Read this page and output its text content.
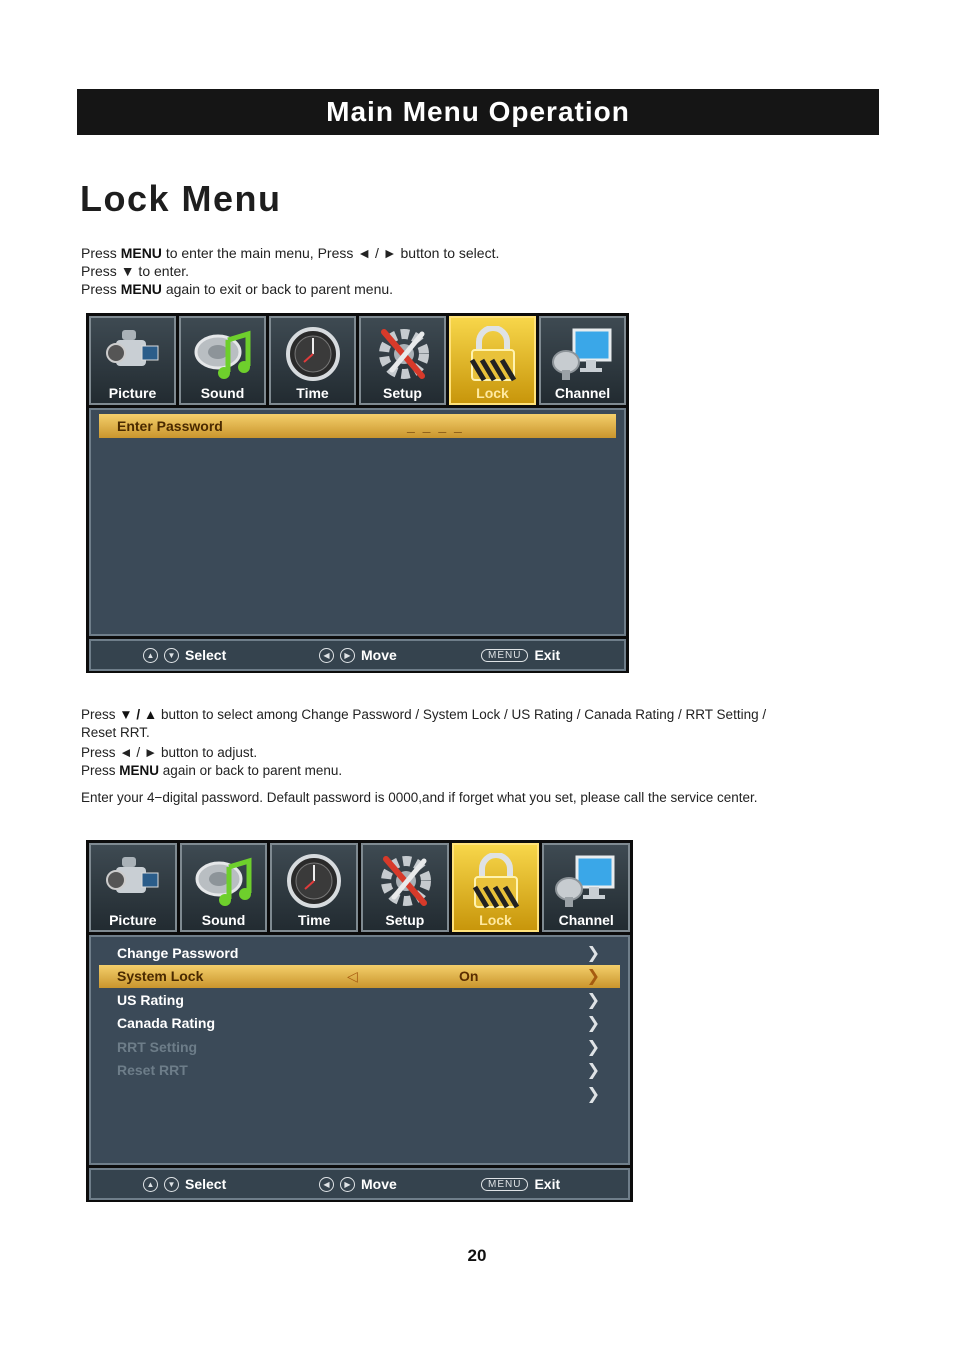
Main Menu Operation
Lock Menu
Press MENU to enter the main menu, Press ◄ / ► button to select.
Press ▼ to enter.
Press MENU again to exit or back to parent menu.
Picture	Sound	Time	Setup	Lock	Channel
Enter Password	_ _ _ _
▲	▼ Select	◀	▶ Move	MENU Exit
Press ▼ / ▲ button to select among Change Password / System Lock / US Rating / Canada Rating / RRT Setting /
Reset RRT.
Press ◄ / ► button to adjust.
Press MENU again or back to parent menu.
Enter your 4−digital password. Default password is 0000,and if forget what you set, please call the service center.
Picture	Sound	Time	Setup	Lock	Channel
Change Password	❯
System Lock	◁	On	❯
US Rating	❯
Canada Rating	❯
RRT Setting	❯
Reset RRT	❯
❯
▲	▼ Select	◀	▶ Move	MENU Exit
20
